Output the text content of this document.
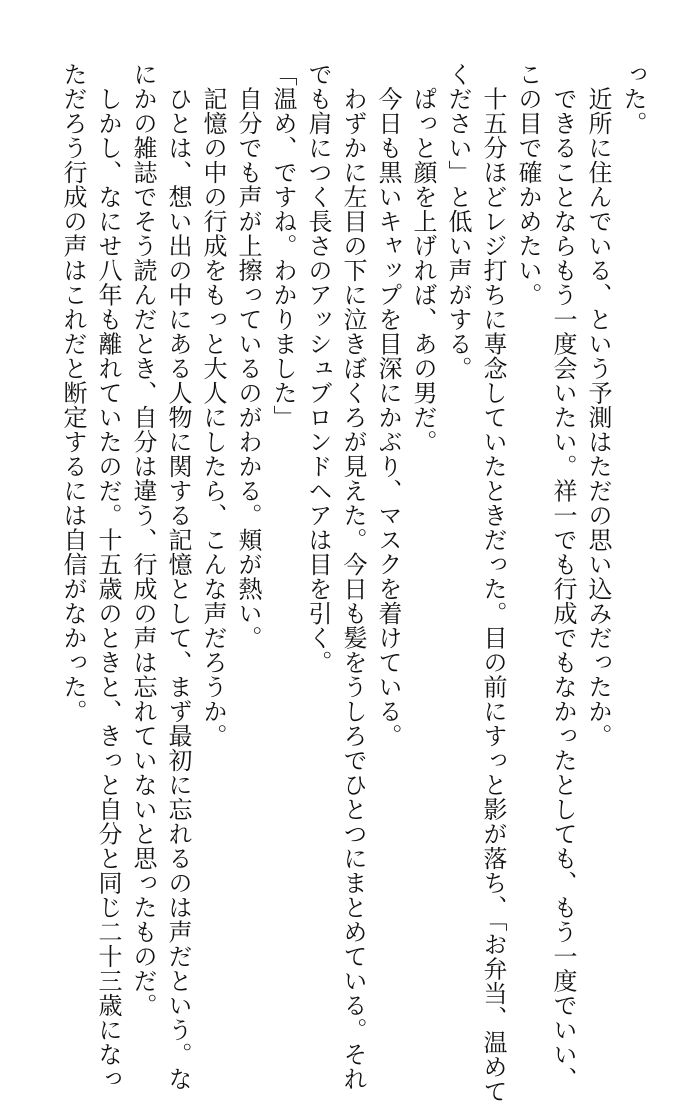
った。
　近所に住んでいる、という予測はただの思い込みだったか。
　できることならもう一度会いたい。祥一でも行成でもなかったとしても、もう一度でいい、
この目で確かめたい。
　十五分ほどレジ打ちに専念していたときだった。目の前にすっと影が落ち、「お弁当、温めて
ください」と低い声がする。
　ぱっと顔を上げれば、あの男だ。
　今日も黒いキャップを目深にかぶり、マスクを着けている。
　わずかに左目の下に泣きぼくろが見えた。今日も髪をうしろでひとつにまとめている。それ
でも肩につく長さのアッシュブロンドヘアは目を引く。
「温め、ですね。わかりました」
　自分でも声が上擦っているのがわかる。頬が熱い。
　記憶の中の行成をもっと大人にしたら、こんな声だろうか。
　ひとは、想い出の中にある人物に関する記憶として、まず最初に忘れるのは声だという。な
にかの雑誌でそう読んだとき、自分は違う、行成の声は忘れていないと思ったものだ。
　しかし、なにせ八年も離れていたのだ。十五歳のときと、きっと自分と同じ二十三歳になっ
ただろう行成の声はこれだと断定するには自信がなかった。
